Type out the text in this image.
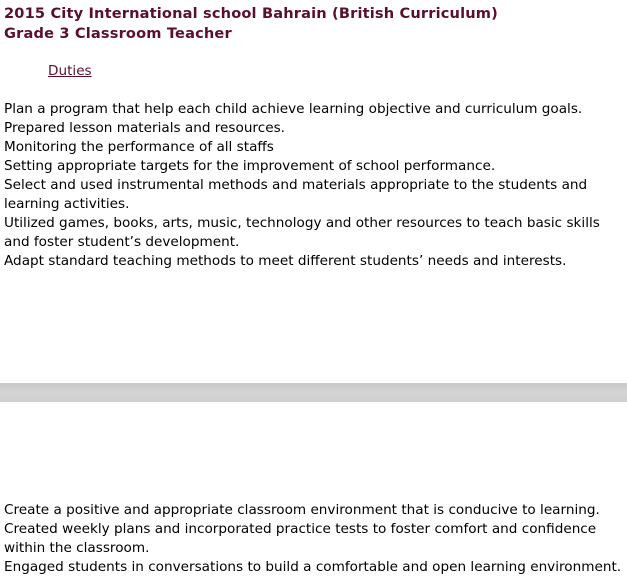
2015 City International school Bahrain (British Curriculum)
Grade 3 Classroom Teacher
Duties
Plan a program that help each child achieve learning objective and curriculum goals.
Prepared lesson materials and resources.
Monitoring the performance of all staffs
Setting appropriate targets for the improvement of school performance.
Select and used instrumental methods and materials appropriate to the students and learning activities.
Utilized games, books, arts, music, technology and other resources to teach basic skills and foster student’s development.
Adapt standard teaching methods to meet different students’ needs and interests.
Create a positive and appropriate classroom environment that is conducive to learning.
Created weekly plans and incorporated practice tests to foster comfort and confidence within the classroom.
Engaged students in conversations to build a comfortable and open learning environment.
